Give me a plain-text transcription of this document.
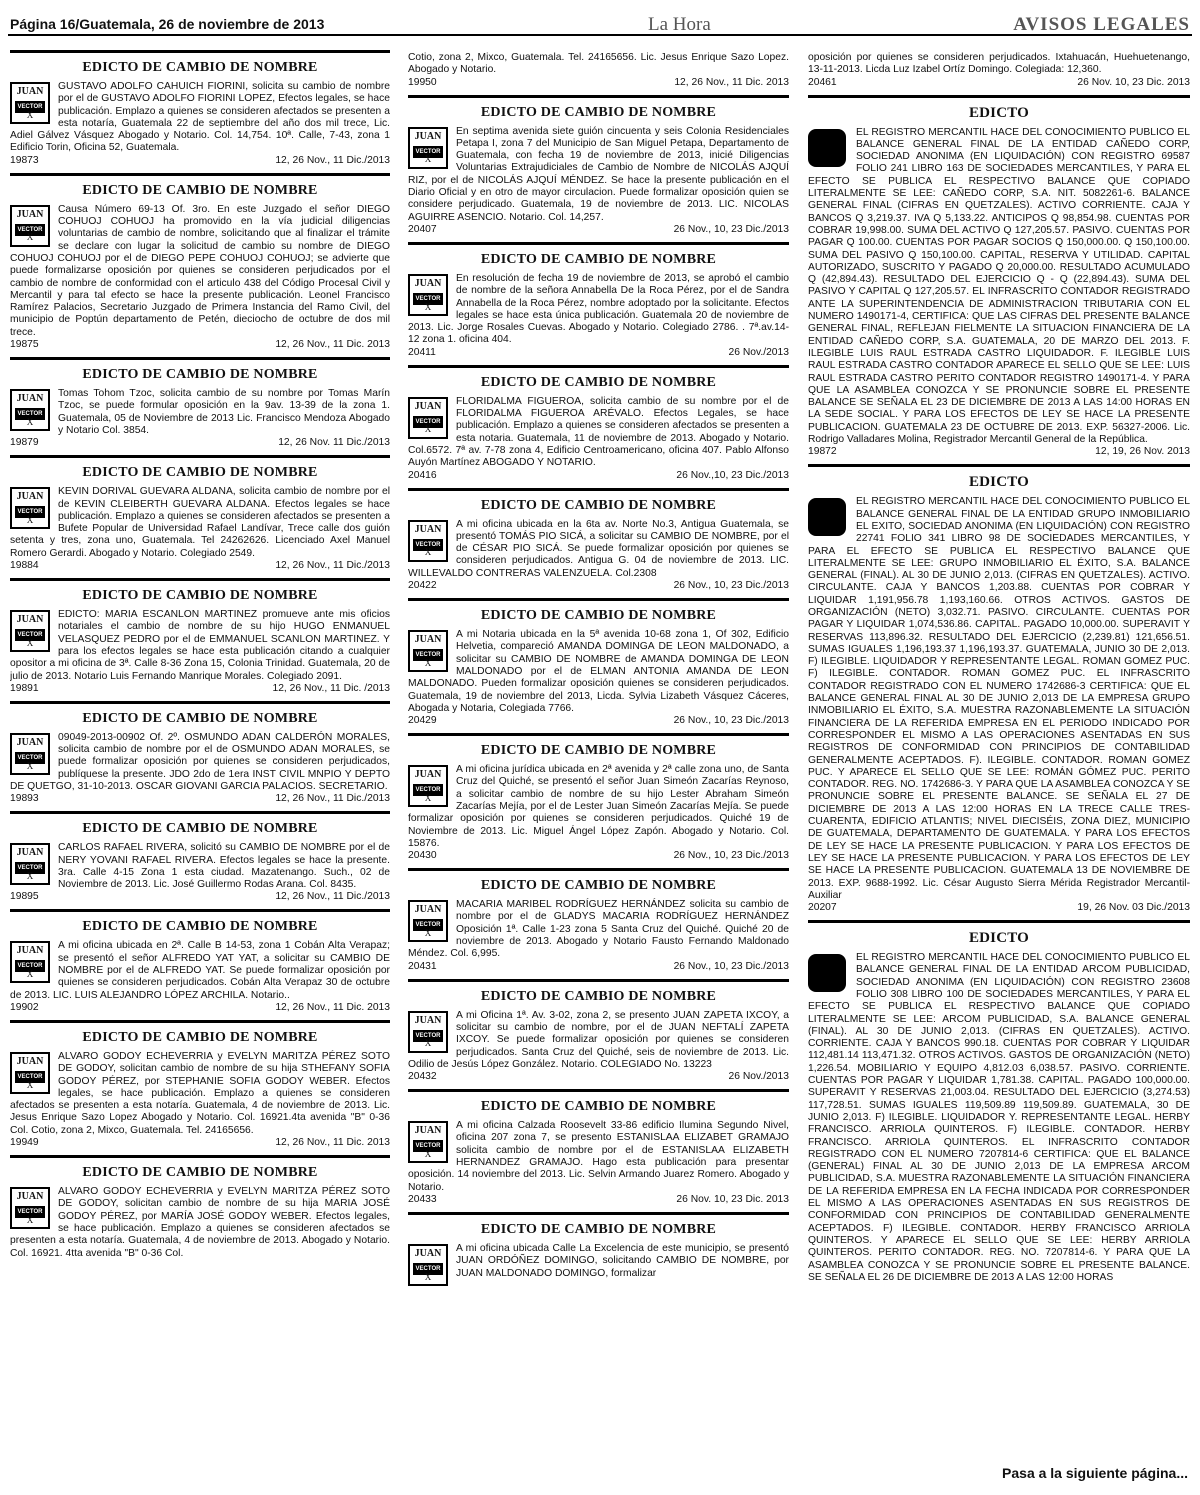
Página 16/Guatemala, 26 de noviembre de 2013	La Hora	AVISOS LEGALES
EDICTO DE CAMBIO DE NOMBRE
JUAN
VECTOR
X
GUSTAVO ADOLFO CAHUICH FIORINI, solicita su cambio de nombre por el de GUSTAVO ADOLFO FIORINI LOPEZ, Efectos legales, se hace publicación. Emplazo a quienes se consideren afectados se presenten a esta notaría, Guatemala 22 de septiembre del año dos mil trece, Lic. Adiel Gálvez Vásquez Abogado y Notario. Col. 14,754. 10ª. Calle, 7-43, zona 1 Edificio Torin, Oficina 52, Guatemala.
19873	12, 26 Nov., 11 Dic./2013
EDICTO DE CAMBIO DE NOMBRE
JUAN
VECTOR
X
Causa Número 69-13 Of. 3ro. En este Juzgado el señor DIEGO COHUOJ COHUOJ ha promovido en la vía judicial diligencias voluntarias de cambio de nombre, solicitando que al finalizar el trámite se declare con lugar la solicitud de cambio su nombre de DIEGO COHUOJ COHUOJ por el de DIEGO PEPE COHUOJ COHUOJ; se advierte que puede formalizarse oposición por quienes se consideren perjudicados por el cambio de nombre de conformidad con el articulo 438 del Código Procesal Civil y Mercantil y para tal efecto se hace la presente publicación. Leonel Francisco Ramírez Palacios, Secretario Juzgado de Primera Instancia del Ramo Civil, del municipio de Poptún departamento de Petén, dieciocho de octubre de dos mil trece.
19875	12, 26 Nov., 11 Dic. 2013
EDICTO DE CAMBIO DE NOMBRE
JUAN
VECTOR
X
Tomas Tohom Tzoc, solicita cambio de su nombre por Tomas Marín Tzoc, se puede formular oposición en la 9av. 13-39 de la zona 1. Guatemala, 05 de Noviembre de 2013 Lic. Francisco Mendoza Abogado y Notario Col. 3854.
19879	12, 26 Nov. 11 Dic./2013
EDICTO DE CAMBIO DE NOMBRE
JUAN
VECTOR
X
KEVIN DORIVAL GUEVARA ALDANA, solicita cambio de nombre por el de KEVIN CLEIBERTH GUEVARA ALDANA. Efectos legales se hace publicación. Emplazo a quienes se consideren afectados se presenten a Bufete Popular de Universidad Rafael Landívar, Trece calle dos guión setenta y tres, zona uno, Guatemala. Tel 24262626. Licenciado Axel Manuel Romero Gerardi. Abogado y Notario. Colegiado 2549.
19884	12, 26 Nov., 11 Dic./2013
EDICTO DE CAMBIO DE NOMBRE
JUAN
VECTOR
X
EDICTO: MARIA ESCANLON MARTINEZ promueve ante mis oficios notariales el cambio de nombre de su hijo HUGO ENMANUEL VELASQUEZ PEDRO por el de EMMANUEL SCANLON MARTINEZ. Y para los efectos legales se hace esta publicación citando a cualquier opositor a mi oficina de 3ª. Calle 8-36 Zona 15, Colonia Trinidad. Guatemala, 20 de julio de 2013. Notario Luis Fernando Manrique Morales. Colegiado 2091.
19891	12, 26 Nov., 11 Dic. /2013
EDICTO DE CAMBIO DE NOMBRE
JUAN
VECTOR
X
09049-2013-00902 Of. 2º. OSMUNDO ADAN CALDERÓN MORALES, solicita cambio de nombre por el de OSMUNDO ADAN MORALES, se puede formalizar oposición por quienes se consideren perjudicados, publíquese la presente. JDO 2do de 1era INST CIVIL MNPIO Y DEPTO DE QUETGO, 31-10-2013. OSCAR GIOVANI GARCIA PALACIOS. SECRETARIO.
19893	12, 26 Nov., 11 Dic./2013
EDICTO DE CAMBIO DE NOMBRE
JUAN
VECTOR
X
CARLOS RAFAEL RIVERA, solicitó su CAMBIO DE NOMBRE por el de NERY YOVANI RAFAEL RIVERA. Efectos legales se hace la presente. 3ra. Calle 4-15 Zona 1 esta ciudad. Mazatenango. Such., 02 de Noviembre de 2013. Lic. José Guillermo Rodas Arana. Col. 8435.
19895	12, 26 Nov., 11 Dic./2013
EDICTO DE CAMBIO DE NOMBRE
JUAN
VECTOR
X
A mi oficina ubicada en 2ª. Calle B 14-53, zona 1 Cobán Alta Verapaz; se presentó el señor ALFREDO YAT YAT, a solicitar su CAMBIO DE NOMBRE por el de ALFREDO YAT. Se puede formalizar oposición por quienes se consideren perjudicados. Cobán Alta Verapaz 30 de octubre de 2013. LIC. LUIS ALEJANDRO LÓPEZ ARCHILA. Notario..
19902	12, 26 Nov., 11 Dic. 2013
EDICTO DE CAMBIO DE NOMBRE
JUAN
VECTOR
X
ALVARO GODOY ECHEVERRIA y EVELYN MARITZA PÉREZ SOTO DE GODOY, solicitan cambio de nombre de su hija STHEFANY SOFIA GODOY PÉREZ, por STEPHANIE SOFIA GODOY WEBER. Efectos legales, se hace publicación. Emplazo a quienes se consideren afectados se presenten a esta notaría. Guatemala, 4 de noviembre de 2013. Lic. Jesus Enrique Sazo Lopez Abogado y Notario. Col. 16921.4ta avenida "B" 0-36 Col. Cotio, zona 2, Mixco, Guatemala. Tel. 24165656.
19949	12, 26 Nov., 11 Dic. 2013
EDICTO DE CAMBIO DE NOMBRE
JUAN
VECTOR
X
ALVARO GODOY ECHEVERRIA y EVELYN MARITZA PÉREZ SOTO DE GODOY, solicitan cambio de nombre de su hija MARIA JOSÉ GODOY PÉREZ, por MARÍA JOSÉ GODOY WEBER. Efectos legales, se hace publicación. Emplazo a quienes se consideren afectados se presenten a esta notaría. Guatemala, 4 de noviembre de 2013. Abogado y Notario. Col. 16921. 4tta avenida "B" 0-36 Col.
Cotio, zona 2, Mixco, Guatemala. Tel. 24165656. Lic. Jesus Enrique Sazo Lopez. Abogado y Notario.
19950	12, 26 Nov., 11 Dic. 2013
EDICTO DE CAMBIO DE NOMBRE
JUAN
VECTOR
X
En septima avenida siete guión cincuenta y seis Colonia Residenciales Petapa I, zona 7 del Municipio de San Miguel Petapa, Departamento de Guatemala, con fecha 19 de noviembre de 2013, inicié Diligencias Voluntarias Extrajudiciales de Cambio de Nombre de NICOLÁS AJQUÍ RIZ, por el de NICOLÁS AJQUÍ MÉNDEZ. Se hace la presente publicación en el Diario Oficial y en otro de mayor circulacion. Puede formalizar oposición quien se considere perjudicado. Guatemala, 19 de noviembre de 2013. LIC. NICOLAS AGUIRRE ASENCIO. Notario. Col. 14,257.
20407	26 Nov., 10, 23 Dic./2013
EDICTO DE CAMBIO DE NOMBRE
JUAN
VECTOR
X
En resolución de fecha 19 de noviembre de 2013, se aprobó el cambio de nombre de la señora Annabella De la Roca Pérez, por el de Sandra Annabella de la Roca Pérez, nombre adoptado por la solicitante. Efectos legales se hace esta única publicación. Guatemala 20 de noviembre de 2013. Lic. Jorge Rosales Cuevas. Abogado y Notario. Colegiado 2786. . 7ª.av.14-12 zona 1. oficina 404.
20411	26 Nov./2013
EDICTO DE CAMBIO DE NOMBRE
JUAN
VECTOR
X
FLORIDALMA FIGUEROA, solicita cambio de su nombre por el de FLORIDALMA FIGUEROA ARÉVALO. Efectos Legales, se hace publicación. Emplazo a quienes se consideren afectados se presenten a esta notaria. Guatemala, 11 de noviembre de 2013. Abogado y Notario. Col.6572. 7ª av. 7-78 zona 4, Edificio Centroamericano, oficina 407. Pablo Alfonso Auyón Martínez ABOGADO Y NOTARIO.
20416	26 Nov.,10, 23 Dic./2013
EDICTO DE CAMBIO DE NOMBRE
JUAN
VECTOR
X
A mi oficina ubicada en la 6ta av. Norte No.3, Antigua Guatemala, se presentó TOMÁS PIO SICÁ, a solicitar su CAMBIO DE NOMBRE, por el de CÉSAR PIO SICÁ. Se puede formalizar oposición por quienes se consideren perjudicados. Antigua G. 04 de noviembre de 2013. LIC. WILLEVALDO CONTRERAS VALENZUELA. Col.2308
20422	26 Nov., 10, 23 Dic./2013
EDICTO DE CAMBIO DE NOMBRE
JUAN
VECTOR
X
A mi Notaria ubicada en la 5ª avenida 10-68 zona 1, Of 302, Edificio Helvetia, compareció AMANDA DOMINGA DE LEON MALDONADO, a solicitar su CAMBIO DE NOMBRE de AMANDA DOMINGA DE LEON MALDONADO por el de ELMAN ANTONIA AMANDA DE LEON MALDONADO. Pueden formalizar oposición quienes se consideren perjudicados. Guatemala, 19 de noviembre del 2013, Licda. Sylvia Lizabeth Vásquez Cáceres, Abogada y Notaria, Colegiada 7766.
20429	26 Nov., 10, 23 Dic./2013
EDICTO DE CAMBIO DE NOMBRE
JUAN
VECTOR
X
A mi oficina jurídica ubicada en 2ª avenida y 2ª calle zona uno, de Santa Cruz del Quiché, se presentó el señor Juan Simeón Zacarías Reynoso, a solicitar cambio de nombre de su hijo Lester Abraham Simeón Zacarías Mejía, por el de Lester Juan Simeón Zacarías Mejía. Se puede formalizar oposición por quienes se consideren perjudicados. Quiché 19 de Noviembre de 2013. Lic. Miguel Ángel López Zapón. Abogado y Notario. Col. 15876.
20430	26 Nov., 10, 23 Dic./2013
EDICTO DE CAMBIO DE NOMBRE
JUAN
VECTOR
X
MACARIA MARIBEL RODRÍGUEZ HERNÁNDEZ solicita su cambio de nombre por el de GLADYS MACARIA RODRÍGUEZ HERNÁNDEZ Oposición 1ª. Calle 1-23 zona 5 Santa Cruz del Quiché. Quiché 20 de noviembre de 2013. Abogado y Notario Fausto Fernando Maldonado Méndez. Col. 6,995.
20431	26 Nov., 10, 23 Dic./2013
EDICTO DE CAMBIO DE NOMBRE
JUAN
VECTOR
X
A mi Oficina 1ª. Av. 3-02, zona 2, se presento JUAN ZAPETA IXCOY, a solicitar su cambio de nombre, por el de JUAN NEFTALÍ ZAPETA IXCOY. Se puede formalizar oposición por quienes se consideren perjudicados. Santa Cruz del Quiché, seis de noviembre de 2013. Lic. Odilio de Jesús López González. Notario. COLEGIADO No. 13223
20432	26 Nov./2013
EDICTO DE CAMBIO DE NOMBRE
JUAN
VECTOR
X
A mi oficina Calzada Roosevelt 33-86 edificio Ilumina Segundo Nivel, oficina 207 zona 7, se presento ESTANISLAA ELIZABET GRAMAJO solicita cambio de nombre por el de ESTANISLAA ELIZABETH HERNANDEZ GRAMAJO. Hago esta publicación para presentar oposición. 14 noviembre del 2013. Lic. Selvin Armando Juarez Romero. Abogado y Notario.
20433	26 Nov. 10, 23 Dic. 2013
EDICTO DE CAMBIO DE NOMBRE
JUAN
VECTOR
X
A mi oficina ubicada Calle La Excelencia de este municipio, se presentó JUAN ORDÓÑEZ DOMINGO, solicitando CAMBIO DE NOMBRE, por JUAN MALDONADO DOMINGO, formalizar
oposición por quienes se consideren perjudicados. Ixtahuacán, Huehuetenango, 13-11-2013. Licda Luz Izabel Ortíz Domingo. Colegiada: 12,360.
20461	26 Nov. 10, 23 Dic. 2013
EDICTO
EL REGISTRO MERCANTIL HACE DEL CONOCIMIENTO PUBLICO EL BALANCE GENERAL FINAL DE LA ENTIDAD CAÑEDO CORP, SOCIEDAD ANONIMA (EN LIQUIDACIÓN) CON REGISTRO 69587 FOLIO 241 LIBRO 163 DE SOCIEDADES MERCANTILES, Y PARA EL EFECTO SE PUBLICA EL RESPECTIVO BALANCE QUE COPIADO LITERALMENTE SE LEE: CAÑEDO CORP, S.A. NIT. 5082261-6. BALANCE GENERAL FINAL (CIFRAS EN QUETZALES). ACTIVO CORRIENTE. CAJA Y BANCOS Q 3,219.37. IVA Q 5,133.22. ANTICIPOS Q 98,854.98. CUENTAS POR COBRAR 19,998.00. SUMA DEL ACTIVO Q 127,205.57. PASIVO. CUENTAS POR PAGAR Q 100.00. CUENTAS POR PAGAR SOCIOS Q 150,000.00. Q 150,100.00. SUMA DEL PASIVO Q 150,100.00. CAPITAL, RESERVA Y UTILIDAD. CAPITAL AUTORIZADO, SUSCRITO Y PAGADO Q 20,000.00. RESULTADO ACUMULADO Q (42,894.43). RESULTADO DEL EJERCICIO Q - Q (22,894.43). SUMA DEL PASIVO Y CAPITAL Q 127,205.57. EL INFRASCRITO CONTADOR REGISTRADO ANTE LA SUPERINTENDENCIA DE ADMINISTRACION TRIBUTARIA CON EL NUMERO 1490171-4, CERTIFICA: QUE LAS CIFRAS DEL PRESENTE BALANCE GENERAL FINAL, REFLEJAN FIELMENTE LA SITUACION FINANCIERA DE LA ENTIDAD CAÑEDO CORP, S.A. GUATEMALA, 20 DE MARZO DEL 2013. F. ILEGIBLE LUIS RAUL ESTRADA CASTRO LIQUIDADOR. F. ILEGIBLE LUIS RAUL ESTRADA CASTRO CONTADOR APARECE EL SELLO QUE SE LEE: LUIS RAUL ESTRADA CASTRO PERITO CONTADOR REGISTRO 1490171-4. Y PARA QUE LA ASAMBLEA CONOZCA Y SE PRONUNCIE SOBRE EL PRESENTE BALANCE SE SEÑALA EL 23 DE DICIEMBRE DE 2013 A LAS 14:00 HORAS EN LA SEDE SOCIAL. Y PARA LOS EFECTOS DE LEY SE HACE LA PRESENTE PUBLICACION. GUATEMALA 23 DE OCTUBRE DE 2013. EXP. 56327-2006. Lic. Rodrigo Valladares Molina, Registrador Mercantil General de la República.
19872	12, 19, 26 Nov. 2013
EDICTO
EL REGISTRO MERCANTIL HACE DEL CONOCIMIENTO PUBLICO EL BALANCE GENERAL FINAL DE LA ENTIDAD GRUPO INMOBILIARIO EL EXITO, SOCIEDAD ANONIMA (EN LIQUIDACIÓN) CON REGISTRO 22741 FOLIO 341 LIBRO 98 DE SOCIEDADES MERCANTILES, Y PARA EL EFECTO SE PUBLICA EL RESPECTIVO BALANCE QUE LITERALMENTE SE LEE: GRUPO INMOBILIARIO EL ÉXITO, S.A. BALANCE GENERAL (FINAL). AL 30 DE JUNIO 2,013. (CIFRAS EN QUETZALES). ACTIVO. CIRCULANTE. CAJA Y BANCOS 1,203.88. CUENTAS POR COBRAR Y LIQUIDAR 1,191,956.78 1,193,160.66. OTROS ACTIVOS. GASTOS DE ORGANIZACIÓN (NETO) 3,032.71. PASIVO. CIRCULANTE. CUENTAS POR PAGAR Y LIQUIDAR 1,074,536.86. CAPITAL. PAGADO 10,000.00. SUPERAVIT Y RESERVAS 113,896.32. RESULTADO DEL EJERCICIO (2,239.81) 121,656.51. SUMAS IGUALES 1,196,193.37 1,196,193.37. GUATEMALA, JUNIO 30 DE 2,013. F) ILEGIBLE. LIQUIDADOR Y REPRESENTANTE LEGAL. ROMAN GOMEZ PUC. F) ILEGIBLE. CONTADOR. ROMAN GOMEZ PUC. EL INFRASCRITO CONTADOR REGISTRADO CON EL NUMERO 1742686-3 CERTIFICA: QUE EL BALANCE GENERAL FINAL AL 30 DE JUNIO 2,013 DE LA EMPRESA GRUPO INMOBILIARIO EL ÉXITO, S.A. MUESTRA RAZONABLEMENTE LA SITUACIÓN FINANCIERA DE LA REFERIDA EMPRESA EN EL PERIODO INDICADO POR CORRESPONDER EL MISMO A LAS OPERACIONES ASENTADAS EN SUS REGISTROS DE CONFORMIDAD CON PRINCIPIOS DE CONTABILIDAD GENERALMENTE ACEPTADOS. F). ILEGIBLE. CONTADOR. ROMAN GOMEZ PUC. Y APARECE EL SELLO QUE SE LEE: ROMÁN GÓMEZ PUC. PERITO CONTADOR. REG. NO. 1742686-3. Y PARA QUE LA ASAMBLEA CONOZCA Y SE PRONUNCIE SOBRE EL PRESENTE BALANCE. SE SEÑALA EL 27 DE DICIEMBRE DE 2013 A LAS 12:00 HORAS EN LA TRECE CALLE TRES-CUARENTA, EDIFICIO ATLANTIS; NIVEL DIECISÉIS, ZONA DIEZ, MUNICIPIO DE GUATEMALA, DEPARTAMENTO DE GUATEMALA. Y PARA LOS EFECTOS DE LEY SE HACE LA PRESENTE PUBLICACION. Y PARA LOS EFECTOS DE LEY SE HACE LA PRESENTE PUBLICACION. Y PARA LOS EFECTOS DE LEY SE HACE LA PRESENTE PUBLICACION. GUATEMALA 13 DE NOVIEMBRE DE 2013. EXP. 9688-1992. Lic. César Augusto Sierra Mérida Registrador Mercantil-Auxiliar
20207	19, 26 Nov. 03 Dic./2013
EDICTO
EL REGISTRO MERCANTIL HACE DEL CONOCIMIENTO PUBLICO EL BALANCE GENERAL FINAL DE LA ENTIDAD ARCOM PUBLICIDAD, SOCIEDAD ANONIMA (EN LIQUIDACIÓN) CON REGISTRO 23608 FOLIO 308 LIBRO 100 DE SOCIEDADES MERCANTILES, Y PARA EL EFECTO SE PUBLICA EL RESPECTIVO BALANCE QUE COPIADO LITERALMENTE SE LEE: ARCOM PUBLICIDAD, S.A. BALANCE GENERAL (FINAL). AL 30 DE JUNIO 2,013. (CIFRAS EN QUETZALES). ACTIVO. CORRIENTE. CAJA Y BANCOS 990.18. CUENTAS POR COBRAR Y LIQUIDAR 112,481.14 113,471.32. OTROS ACTIVOS. GASTOS DE ORGANIZACIÓN (NETO) 1,226.54. MOBILIARIO Y EQUIPO 4,812.03 6,038.57. PASIVO. CORRIENTE. CUENTAS POR PAGAR Y LIQUIDAR 1,781.38. CAPITAL. PAGADO 100,000.00. SUPERAVIT Y RESERVAS 21,003.04. RESULTADO DEL EJERCICIO (3,274.53) 117,728.51. SUMAS IGUALES 119,509.89 119,509.89. GUATEMALA, 30 DE JUNIO 2,013. F) ILEGIBLE. LIQUIDADOR Y. REPRESENTANTE LEGAL. HERBY FRANCISCO. ARRIOLA QUINTEROS. F) ILEGIBLE. CONTADOR. HERBY FRANCISCO. ARRIOLA QUINTEROS. EL INFRASCRITO CONTADOR REGISTRADO CON EL NUMERO 7207814-6 CERTIFICA: QUE EL BALANCE (GENERAL) FINAL AL 30 DE JUNIO 2,013 DE LA EMPRESA ARCOM PUBLICIDAD, S.A. MUESTRA RAZONABLEMENTE LA SITUACIÓN FINANCIERA DE LA REFERIDA EMPRESA EN LA FECHA INDICADA POR CORRESPONDER EL MISMO A LAS OPERACIONES ASENTADAS EN SUS REGISTROS DE CONFORMIDAD CON PRINCIPIOS DE CONTABILIDAD GENERALMENTE ACEPTADOS. F) ILEGIBLE. CONTADOR. HERBY FRANCISCO ARRIOLA QUINTEROS. Y APARECE EL SELLO QUE SE LEE: HERBY ARRIOLA QUINTEROS. PERITO CONTADOR. REG. NO. 7207814-6. Y PARA QUE LA ASAMBLEA CONOZCA Y SE PRONUNCIE SOBRE EL PRESENTE BALANCE. SE SEÑALA EL 26 DE DICIEMBRE DE 2013 A LAS 12:00 HORAS
Pasa a la siguiente página...
